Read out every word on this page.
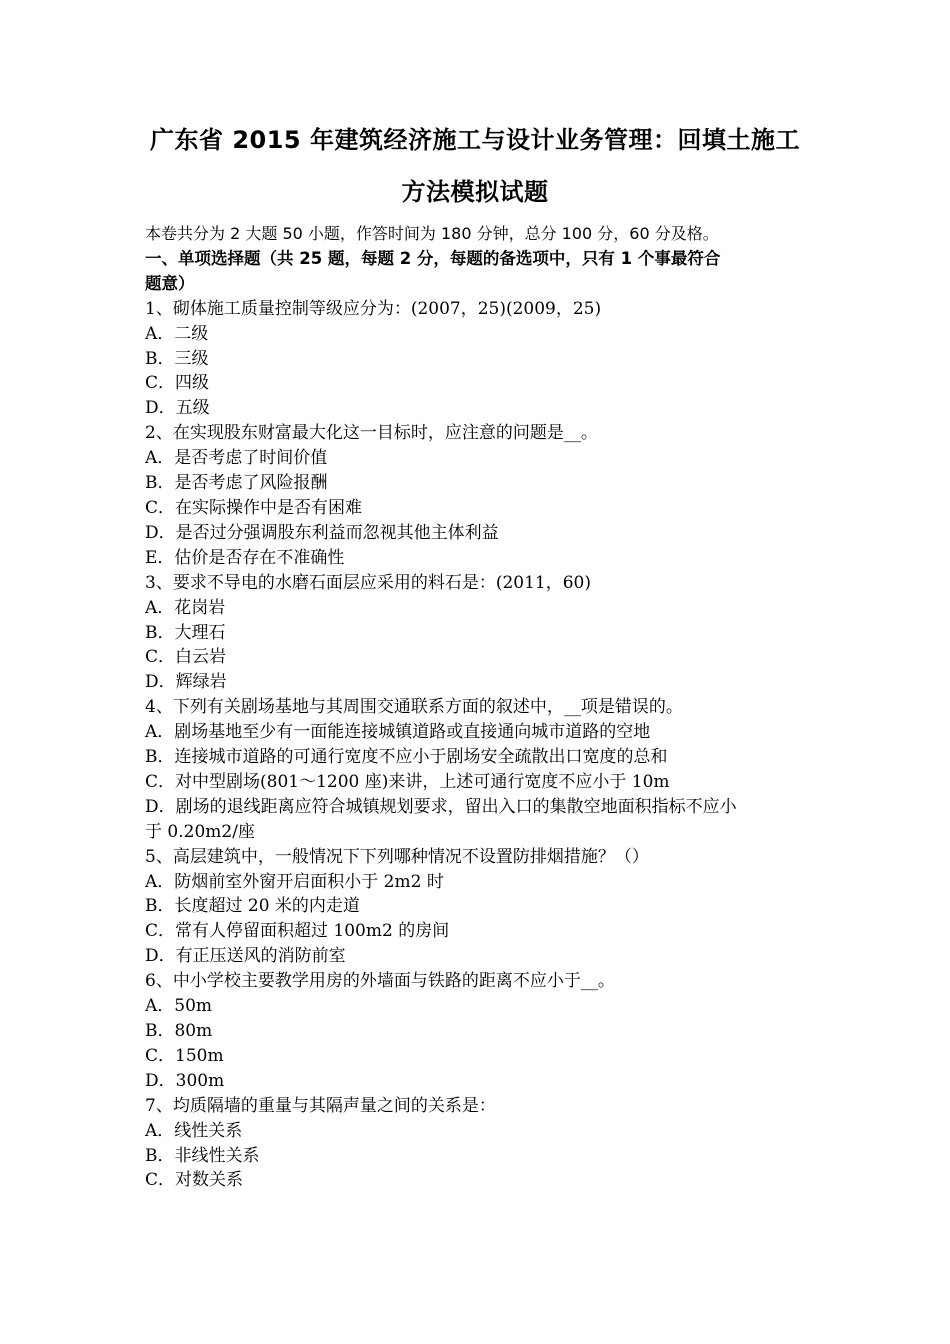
广东省 2015 年建筑经济施工与设计业务管理：回填土施工
方法模拟试题

本卷共分为 2 大题 50 小题，作答时间为 180 分钟，总分 100 分，60 分及格。

一、单项选择题（共 25 题，每题 2 分，每题的备选项中，只有 1 个事最符合

题意）

1、砌体施工质量控制等级应分为：(2007，25)(2009，25)

A．二级

B．三级

C．四级

D．五级

2、在实现股东财富最大化这一目标时，应注意的问题是__。

A．是否考虑了时间价值

B．是否考虑了风险报酬

C．在实际操作中是否有困难

D．是否过分强调股东利益而忽视其他主体利益

E．估价是否存在不准确性

3、要求不导电的水磨石面层应采用的料石是：(2011，60)

A．花岗岩

B．大理石

C．白云岩

D．辉绿岩

4、下列有关剧场基地与其周围交通联系方面的叙述中，__项是错误的。

A．剧场基地至少有一面能连接城镇道路或直接通向城市道路的空地

B．连接城市道路的可通行宽度不应小于剧场安全疏散出口宽度的总和

C．对中型剧场(801～1200 座)来讲，上述可通行宽度不应小于 10m

D．剧场的退线距离应符合城镇规划要求，留出入口的集散空地面积指标不应小

于 0.20m2/座

5、高层建筑中，一般情况下下列哪种情况不设置防排烟措施？（）

A．防烟前室外窗开启面积小于 2m2 时

B．长度超过 20 米的内走道

C．常有人停留面积超过 100m2 的房间

D．有正压送风的消防前室

6、中小学校主要教学用房的外墙面与铁路的距离不应小于__。

A．50m

B．80m

C．150m

D．300m

7、均质隔墙的重量与其隔声量之间的关系是：

A．线性关系

B．非线性关系

C．对数关系
